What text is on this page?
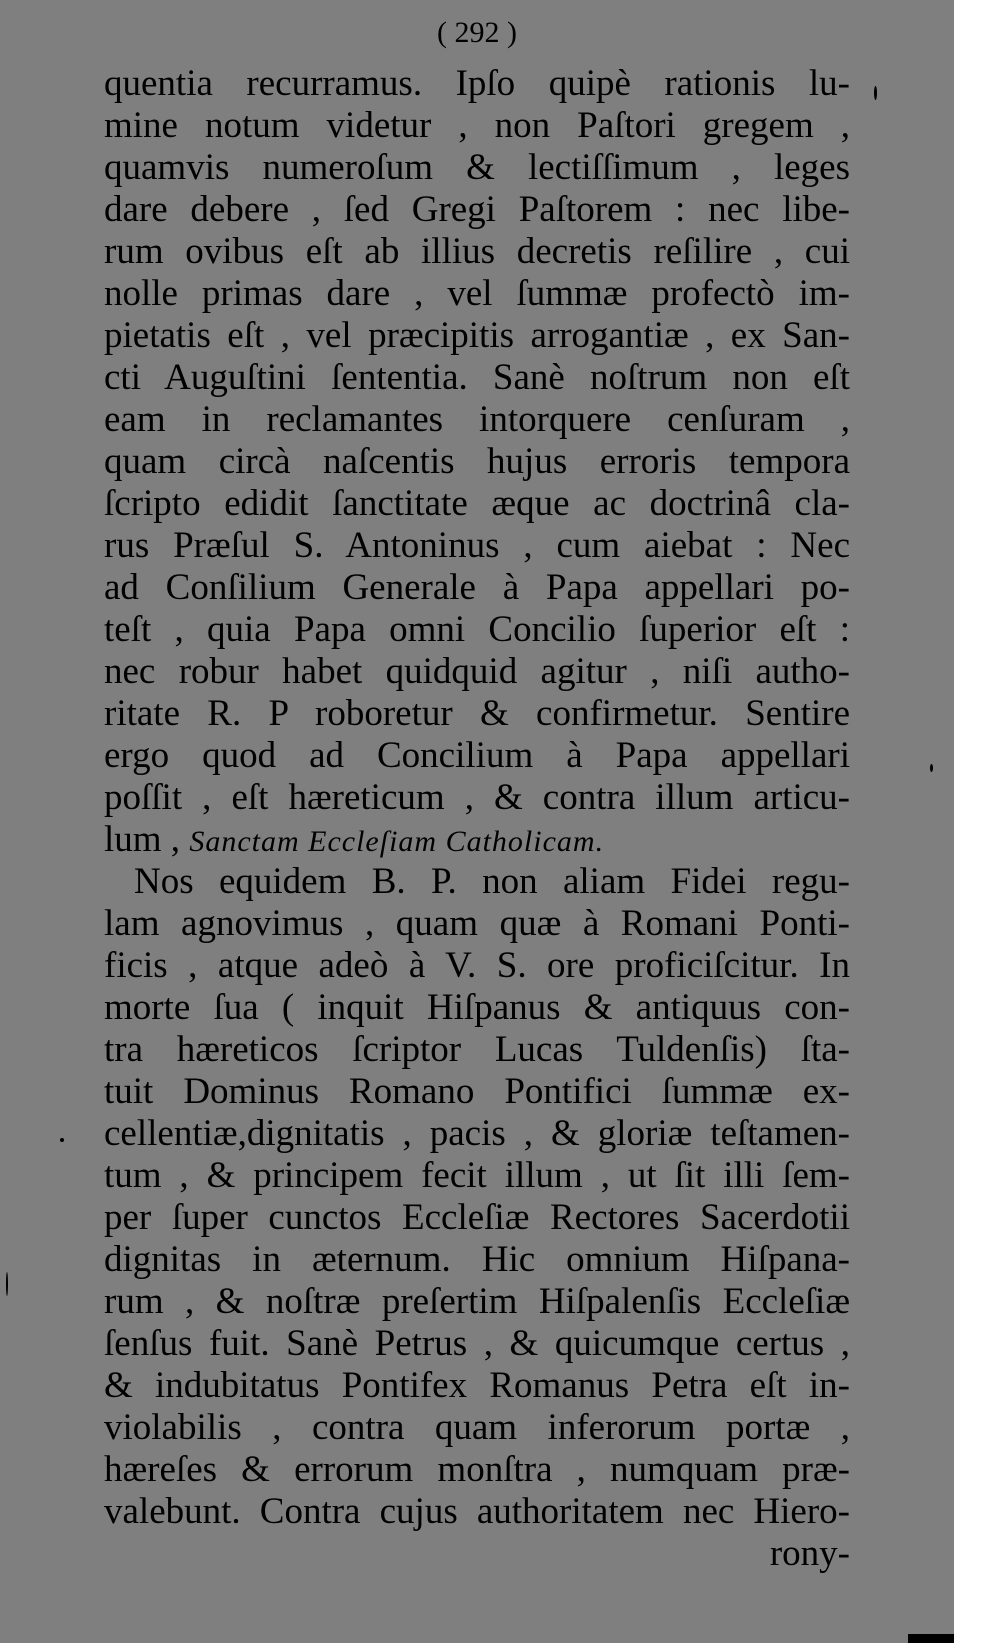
( 292 )
quentia recurramus. Ipſo quipè rationis lu-
mine notum videtur , non Paſtori gregem ,
quamvis numeroſum & lectiſſimum , leges
dare debere , ſed Gregi Paſtorem : nec libe-
rum ovibus eſt ab illius decretis reſilire , cui
nolle primas dare , vel ſummæ profectò im-
pietatis eſt , vel præcipitis arrogantiæ , ex San-
cti Auguſtini ſententia. Sanè noſtrum non eſt
eam in reclamantes intorquere cenſuram ,
quam circà naſcentis hujus erroris tempora
ſcripto edidit ſanctitate æque ac doctrinâ cla-
rus Præſul S. Antoninus , cum aiebat : Nec
ad Conſilium Generale à Papa appellari po-
teſt , quia Papa omni Concilio ſuperior eſt :
nec robur habet quidquid agitur , niſi autho-
ritate R. P roboretur & confirmetur. Sentire
ergo quod ad Concilium à Papa appellari
poſſit , eſt hæreticum , & contra illum articu-
lum , Sanctam Eccleſiam Catholicam.
Nos equidem B. P. non aliam Fidei regu-
lam agnovimus , quam quæ à Romani Ponti-
ficis , atque adeò à V. S. ore proficiſcitur. In
morte ſua ( inquit Hiſpanus & antiquus con-
tra hæreticos ſcriptor Lucas Tuldenſis) ſta-
tuit Dominus Romano Pontifici ſummæ ex-
cellentiæ,dignitatis , pacis , & gloriæ teſtamen-
tum , & principem fecit illum , ut ſit illi ſem-
per ſuper cunctos Eccleſiæ Rectores Sacerdotii
dignitas in æternum. Hic omnium Hiſpana-
rum , & noſtræ preſertim Hiſpalenſis Eccleſiæ
ſenſus fuit. Sanè Petrus , & quicumque certus ,
& indubitatus Pontifex Romanus Petra eſt in-
violabilis , contra quam inferorum portæ ,
hæreſes & errorum monſtra , numquam præ-
valebunt. Contra cujus authoritatem nec Hiero-
rony-
